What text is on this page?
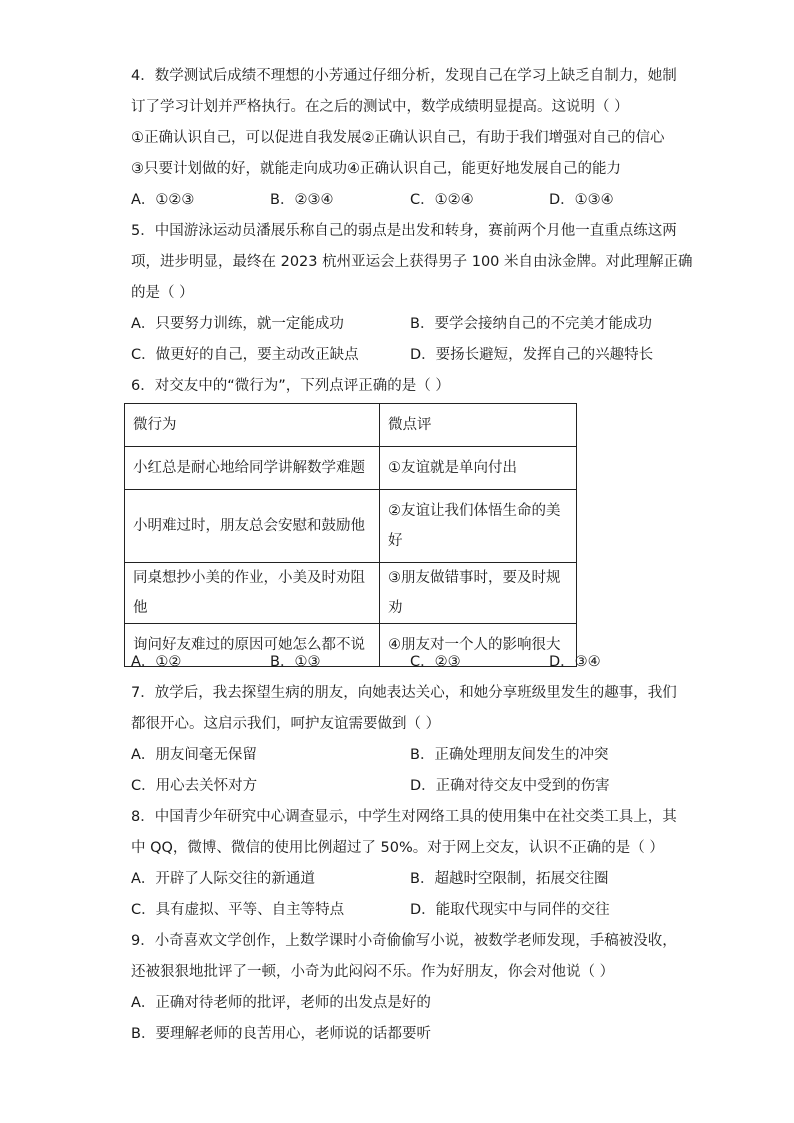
4．数学测试后成绩不理想的小芳通过仔细分析，发现自己在学习上缺乏自制力，她制
订了学习计划并严格执行。在之后的测试中，数学成绩明显提高。这说明（ ）
①正确认识自己，可以促进自我发展②正确认识自己，有助于我们增强对自己的信心
③只要计划做的好，就能走向成功④正确认识自己，能更好地发展自己的能力
A．①②③	B．②③④	C．①②④	D．①③④
5．中国游泳运动员潘展乐称自己的弱点是出发和转身，赛前两个月他一直重点练这两
项，进步明显，最终在 2023 杭州亚运会上获得男子 100 米自由泳金牌。对此理解正确
的是（ ）
A．只要努力训练，就一定能成功	B．要学会接纳自己的不完美才能成功
C．做更好的自己，要主动改正缺点	D．要扬长避短，发挥自己的兴趣特长
6．对交友中的“微行为”，下列点评正确的是（ ）
微行为	微点评
小红总是耐心地给同学讲解数学难题	①友谊就是单向付出
小明难过时，朋友总会安慰和鼓励他	②友谊让我们体悟生命的美好
同桌想抄小美的作业，小美及时劝阻他	③朋友做错事时，要及时规劝
询问好友难过的原因可她怎么都不说	④朋友对一个人的影响很大
A．①②	B．①③	C．②③	D．③④
7．放学后，我去探望生病的朋友，向她表达关心，和她分享班级里发生的趣事，我们
都很开心。这启示我们，呵护友谊需要做到（ ）
A．朋友间毫无保留	B．正确处理朋友间发生的冲突
C．用心去关怀对方	D．正确对待交友中受到的伤害
8．中国青少年研究中心调查显示，中学生对网络工具的使用集中在社交类工具上，其
中 QQ，微博、微信的使用比例超过了 50%。对于网上交友，认识不正确的是（ ）
A．开辟了人际交往的新通道	B．超越时空限制，拓展交往圈
C．具有虚拟、平等、自主等特点	D．能取代现实中与同伴的交往
9．小奇喜欢文学创作，上数学课时小奇偷偷写小说，被数学老师发现，手稿被没收，
还被狠狠地批评了一顿，小奇为此闷闷不乐。作为好朋友，你会对他说（ ）
A．正确对待老师的批评，老师的出发点是好的
B．要理解老师的良苦用心，老师说的话都要听
